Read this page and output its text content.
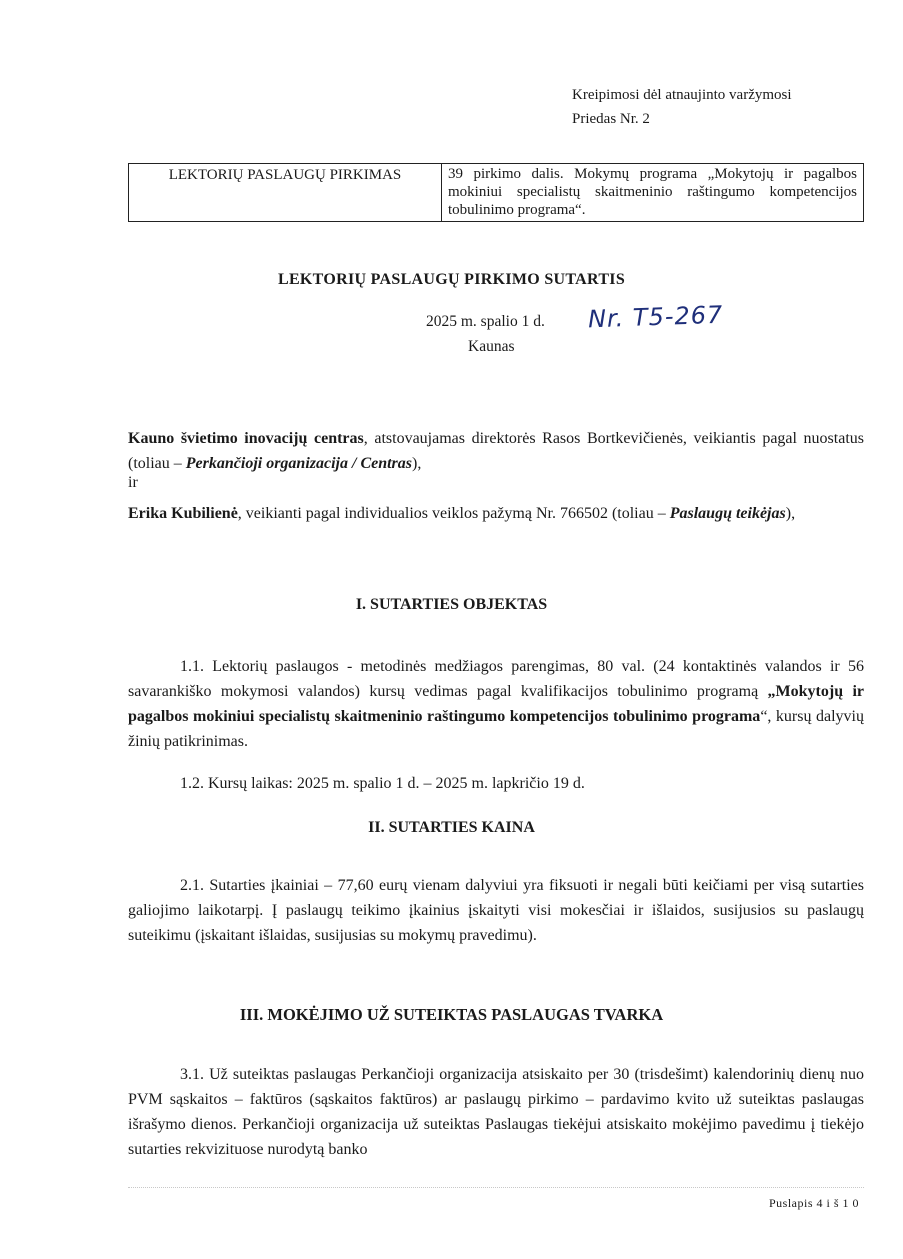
Kreipimosi dėl atnaujinto varžymosi
Priedas Nr. 2
LEKTORIŲ PASLAUGŲ PIRKIMAS	39 pirkimo dalis. Mokymų programa „Mokytojų ir pagalbos mokiniui specialistų skaitmeninio raštingumo kompetencijos tobulinimo programa“.
LEKTORIŲ PASLAUGŲ PIRKIMO SUTARTIS
2025 m. spalio 1 d. Nr. T5-267
Kaunas

Kauno švietimo inovacijų centras, atstovaujamas direktorės Rasos Bortkevičienės, veikiantis pagal nuostatus (toliau – Perkančioji organizacija / Centras),

ir

Erika Kubilienė, veikianti pagal individualios veiklos pažymą Nr. 766502 (toliau – Paslaugų teikėjas),

I. SUTARTIES OBJEKTAS

1.1. Lektorių paslaugos - metodinės medžiagos parengimas, 80 val. (24 kontaktinės valandos ir 56 savarankiško mokymosi valandos) kursų vedimas pagal kvalifikacijos tobulinimo programą „Mokytojų ir pagalbos mokiniui specialistų skaitmeninio raštingumo kompetencijos tobulinimo programa“, kursų dalyvių žinių patikrinimas.

1.2. Kursų laikas: 2025 m. spalio 1 d. – 2025 m. lapkričio 19 d.

II. SUTARTIES KAINA

2.1. Sutarties įkainiai – 77,60 eurų vienam dalyviui yra fiksuoti ir negali būti keičiami per visą sutarties galiojimo laikotarpį. Į paslaugų teikimo įkainius įskaityti visi mokesčiai ir išlaidos, susijusios su paslaugų suteikimu (įskaitant išlaidas, susijusias su mokymų pravedimu).

III. MOKĖJIMO UŽ SUTEIKTAS PASLAUGAS TVARKA

3.1. Už suteiktas paslaugas Perkančioji organizacija atsiskaito per 30 (trisdešimt) kalendorinių dienų nuo PVM sąskaitos – faktūros (sąskaitos faktūros) ar paslaugų pirkimo – pardavimo kvito už suteiktas paslaugas išrašymo dienos. Perkančioji organizacija už suteiktas Paslaugas tiekėjui atsiskaito mokėjimo pavedimu į tiekėjo sutarties rekvizituose nurodytą banko

Puslapis 4 i š 1 0
